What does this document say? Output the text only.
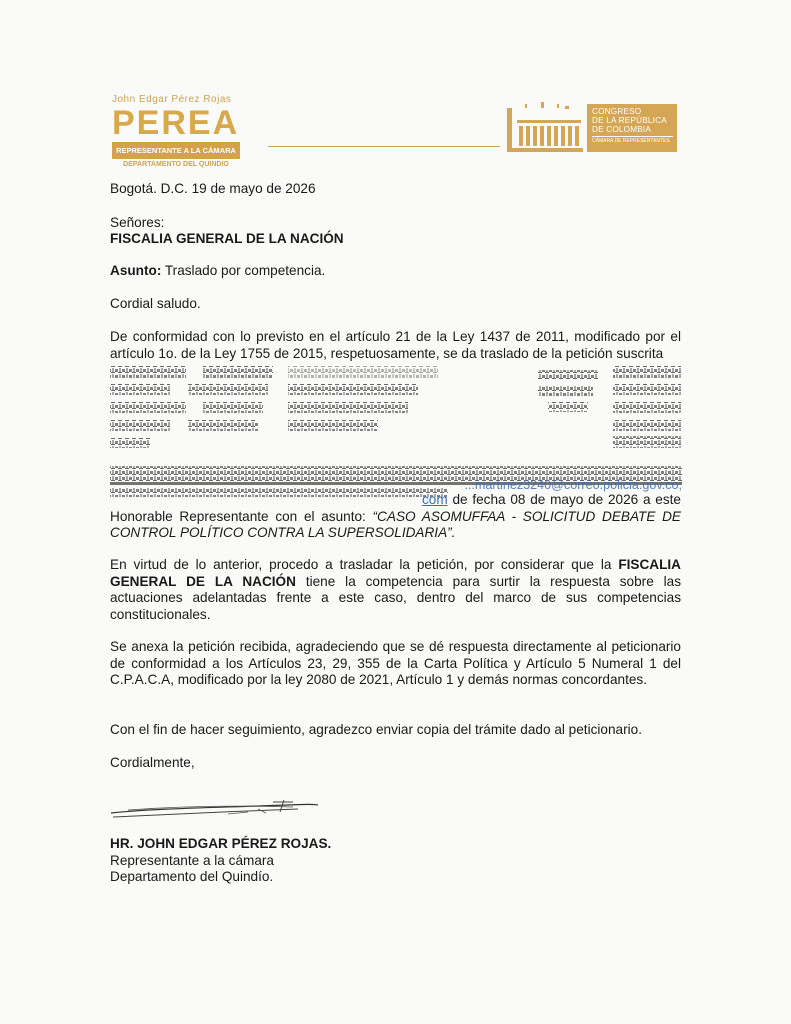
John Edgar Pérez Rojas
PEREA
REPRESENTANTE A LA CÁMARA
DEPARTAMENTO DEL QUINDIO
CONGRESO
DE LA REPÚBLICA
DE COLOMBIA
CÁMARA DE REPRESENTANTES
Bogotá. D.C. 19 de mayo de 2026
Señores:
FISCALIA GENERAL DE LA NACIÓN
Asunto: Traslado por competencia.
Cordial saludo.
De conformidad con lo previsto en el artículo 21 de la Ley 1437 de 2011, modificado por el artículo 1o. de la Ley 1755 de 2015, respetuosamente, se da traslado de la petición suscrita
...martinez3240@correo.policia.gov.co,
com de fecha 08 de mayo de 2026 a este Honorable Representante con el asunto: “CASO ASOMUFFAA - SOLICITUD DEBATE DE CONTROL POLÍTICO CONTRA LA SUPERSOLIDARIA”.
En virtud de lo anterior, procedo a trasladar la petición, por considerar que la FISCALIA GENERAL DE LA NACIÓN tiene la competencia para surtir la respuesta sobre las actuaciones adelantadas frente a este caso, dentro del marco de sus competencias constitucionales.
Se anexa la petición recibida, agradeciendo que se dé respuesta directamente al peticionario de conformidad a los Artículos 23, 29, 355 de la Carta Política y Artículo 5 Numeral 1 del C.P.A.C.A, modificado por la ley 2080 de 2021, Artículo 1 y demás normas concordantes.
Con el fin de hacer seguimiento, agradezco enviar copia del trámite dado al peticionario.
Cordialmente,
HR. JOHN EDGAR PÉREZ ROJAS.
Representante a la cámara
Departamento del Quindío.
